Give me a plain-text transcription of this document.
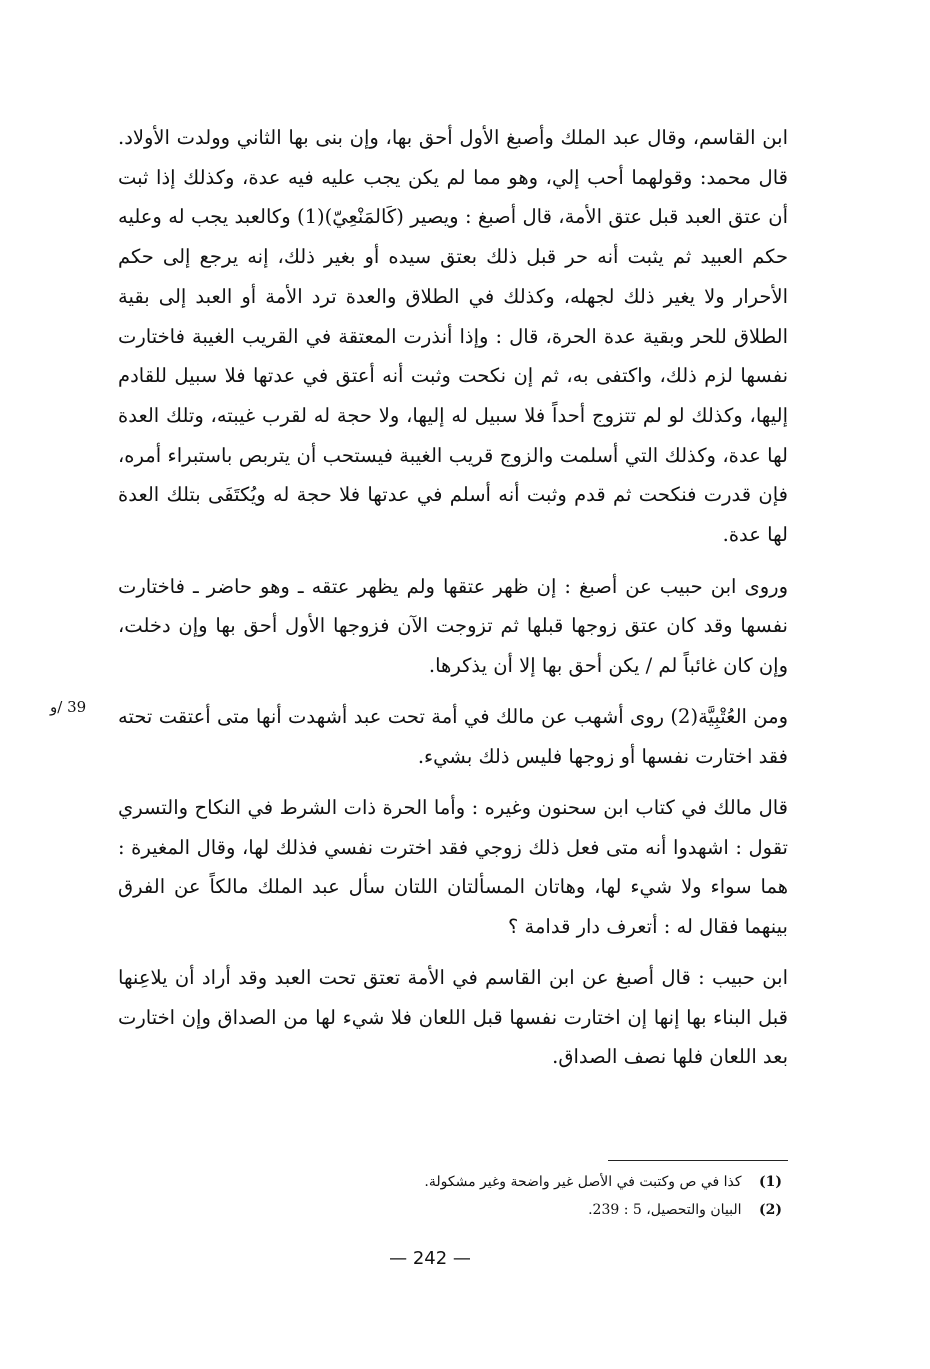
ابن القاسم، وقال عبد الملك وأصبغ الأول أحق بها، وإن بنى بها الثاني وولدت الأولاد. قال محمد: وقولهما أحب إلي، وهو مما لم يكن يجب عليه فيه عدة، وكذلك إذا ثبت أن عتق العبد قبل عتق الأمة، قال أصبغ : ويصير (كَالمَنْعِيّ)(1) وكالعبد يجب له وعليه حكم العبيد ثم يثبت أنه حر قبل ذلك بعتق سيده أو بغير ذلك، إنه يرجع إلى حكم الأحرار ولا يغير ذلك لجهله، وكذلك في الطلاق والعدة ترد الأمة أو العبد إلى بقية الطلاق للحر وبقية عدة الحرة، قال : وإذا أنذرت المعتقة في القريب الغيبة فاختارت نفسها لزم ذلك، واكتفى به، ثم إن نكحت وثبت أنه أعتق في عدتها فلا سبيل للقادم إليها، وكذلك لو لم تتزوج أحداً فلا سبيل له إليها، ولا حجة له لقرب غيبته، وتلك العدة لها عدة، وكذلك التي أسلمت والزوج قريب الغيبة فيستحب أن يتربص باستبراء أمره، فإن قدرت فنكحت ثم قدم وثبت أنه أسلم في عدتها فلا حجة له ويُكتَفَى بتلك العدة لها عدة.

وروى ابن حبيب عن أصبغ : إن ظهر عتقها ولم يظهر عتقه ـ وهو حاضر ـ فاختارت نفسها وقد كان عتق زوجها قبلها ثم تزوجت الآن فزوجها الأول أحق بها وإن دخلت، وإن كان غائباً لم / يكن أحق بها إلا أن يذكرها.

ومن العُتْبِيَّة(2) روى أشهب عن مالك في أمة تحت عبد أشهدت أنها متى أعتقت تحته فقد اختارت نفسها أو زوجها فليس ذلك بشيء.

قال مالك في كتاب ابن سحنون وغيره : وأما الحرة ذات الشرط في النكاح والتسري تقول : اشهدوا أنه متى فعل ذلك زوجي فقد اخترت نفسي فذلك لها، وقال المغيرة : هما سواء ولا شيء لها، وهاتان المسألتان اللتان سأل عبد الملك مالكاً عن الفرق بينهما فقال له : أتعرف دار قدامة ؟

ابن حبيب : قال أصبغ عن ابن القاسم في الأمة تعتق تحت العبد وقد أراد أن يلاعِنها قبل البناء بها إنها إن اختارت نفسها قبل اللعان فلا شيء لها من الصداق وإن اختارت بعد اللعان فلها نصف الصداق.

39 /و
(1) كذا في ص وكتبت في الأصل غير واضحة وغير مشكولة.
(2) البيان والتحصيل، 5 : 239.
— 242 —
